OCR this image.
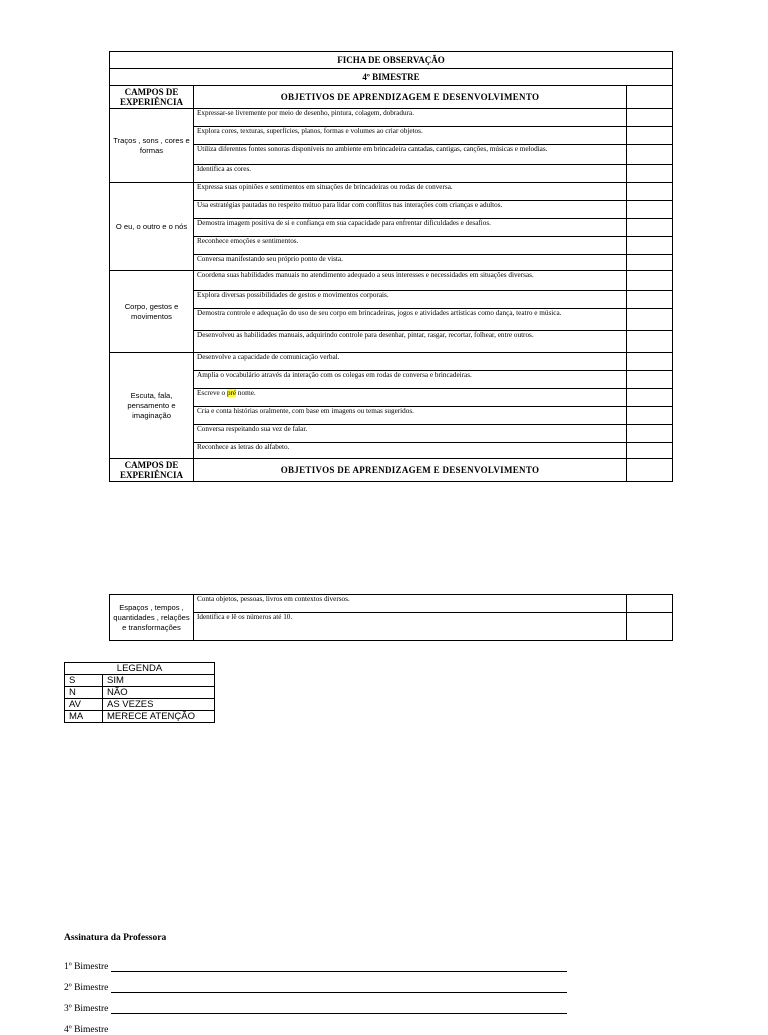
FICHA DE OBSERVAÇÃO		
4º BIMESTRE		
CAMPOS DE EXPERIÊNCIA	OBJETIVOS DE APRENDIZAGEM E DESENVOLVIMENTO	
Traços , sons , cores e formas	Expressar-se livremente por meio de desenho, pintura, colagem, dobradura.	
	Explora cores, texturas, superfícies, planos, formas e volumes ao criar objetos.	
	Utiliza diferentes fontes sonoras disponíveis no ambiente em brincadeira cantadas, cantigas, canções, músicas e melodias.	
	Identifica as cores.	
O eu, o outro e o nós	Expressa suas opiniões e sentimentos em situações de brincadeiras ou rodas de conversa.	
	Usa estratégias pautadas no respeito mútuo para lidar com conflitos nas interações com crianças e adultos.	
	Demostra imagem positiva de si e confiança em sua capacidade para enfrentar dificuldades e desafios.	
	Reconhece emoções e sentimentos.	
	Conversa manifestando seu próprio ponto de vista.	
Corpo, gestos e movimentos	Coordena suas habilidades manuais no atendimento adequado a seus interesses e necessidades em situações diversas.	
	Explora diversas possibilidades de gestos e movimentos corporais.	
	Demostra controle e adequação do uso de seu corpo em brincadeiras, jogos e atividades artísticas como dança, teatro e música.	
	Desenvolveu as habilidades manuais, adquirindo controle para desenhar, pintar, rasgar, recortar, folhear, entre outros.	
Escuta, fala, pensamento e imaginação	Desenvolve a capacidade de comunicação verbal.	
	Amplia o vocabulário através da interação com os colegas em rodas de conversa e brincadeiras.	
	Escreve o pré nome.	
	Cria e conta histórias oralmente, com base em imagens ou temas sugeridos.	
	Conversa respeitando sua vez de falar.	
	Reconhece as letras do alfabeto.	
CAMPOS DE EXPERIÊNCIA	OBJETIVOS DE APRENDIZAGEM E DESENVOLVIMENTO	
Espaços , tempos , quantidades , relações e transformações	Conta objetos, pessoas, livros em contextos diversos.	
	Identifica e lê os números até 10.	
LEGENDA	
S	SIM
N	NÃO
AV	AS VEZES
MA	MERECE ATENÇÃO
Assinatura da Professora
1º Bimestre
2º Bimestre
3º Bimestre
4º Bimestre
